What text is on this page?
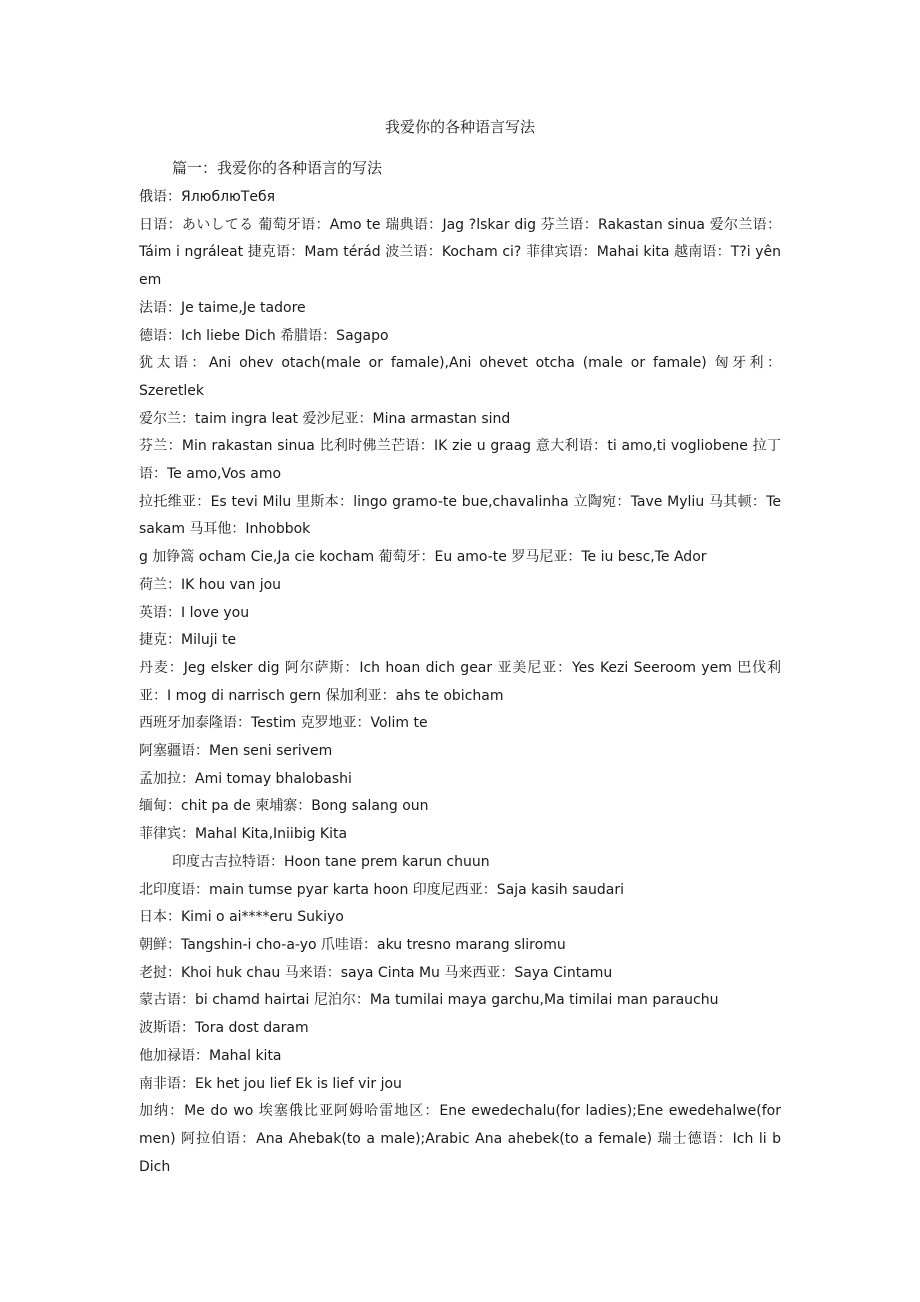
我爱你的各种语言写法
篇一：我爱你的各种语言的写法

俄语：ЯлюблюТебя

日语：あいしてる 葡萄牙语：Amo te 瑞典语：Jag ?lskar dig 芬兰语：Rakastan sinua 爱尔兰语：Táim i ngráleat 捷克语：Mam térád 波兰语：Kocham ci? 菲律宾语：Mahai kita 越南语：T?i yên em

法语：Je taime,Je tadore

德语：Ich liebe Dich 希腊语：Sagapo

犹太语：Ani ohev otach(male or famale),Ani ohevet otcha (male or famale) 匈牙利：Szeretlek

爱尔兰：taim ingra leat 爱沙尼亚：Mina armastan sind

芬兰：Min rakastan sinua 比利时佛兰芒语：IK zie u graag 意大利语：ti amo,ti vogliobene 拉丁语：Te amo,Vos amo

拉托维亚：Es tevi Milu 里斯本：lingo gramo-te bue,chavalinha 立陶宛：Tave Myliu 马其顿：Te sakam 马耳他：Inhobbok

g 加铮篙 ocham Cie,Ja cie kocham 葡萄牙：Eu amo-te 罗马尼亚：Te iu besc,Te Ador

荷兰：IK hou van jou

英语：I love you

捷克：Miluji te

丹麦：Jeg elsker dig 阿尔萨斯：Ich hoan dich gear 亚美尼亚：Yes Kezi Seeroom yem 巴伐利亚：I mog di narrisch gern 保加利亚：ahs te obicham

西班牙加泰隆语：Testim 克罗地亚：Volim te

阿塞疆语：Men seni serivem

孟加拉：Ami tomay bhalobashi

缅甸：chit pa de 柬埔寨：Bong salang oun

菲律宾：Mahal Kita,Iniibig Kita

印度古吉拉特语：Hoon tane prem karun chuun

北印度语：main tumse pyar karta hoon 印度尼西亚：Saja kasih saudari

日本：Kimi o ai****eru Sukiyo

朝鲜：Tangshin-i cho-a-yo 爪哇语：aku tresno marang sliromu

老挝：Khoi huk chau 马来语：saya Cinta Mu 马来西亚：Saya Cintamu

蒙古语：bi chamd hairtai 尼泊尔：Ma tumilai maya garchu,Ma timilai man parauchu

波斯语：Tora dost daram

他加禄语：Mahal kita

南非语：Ek het jou lief Ek is lief vir jou

加纳：Me do wo 埃塞俄比亚阿姆哈雷地区：Ene ewedechalu(for ladies);Ene ewedehalwe(for men) 阿拉伯语：Ana Ahebak(to a male);Arabic Ana ahebek(to a female) 瑞士德语：Ich li b Dich
